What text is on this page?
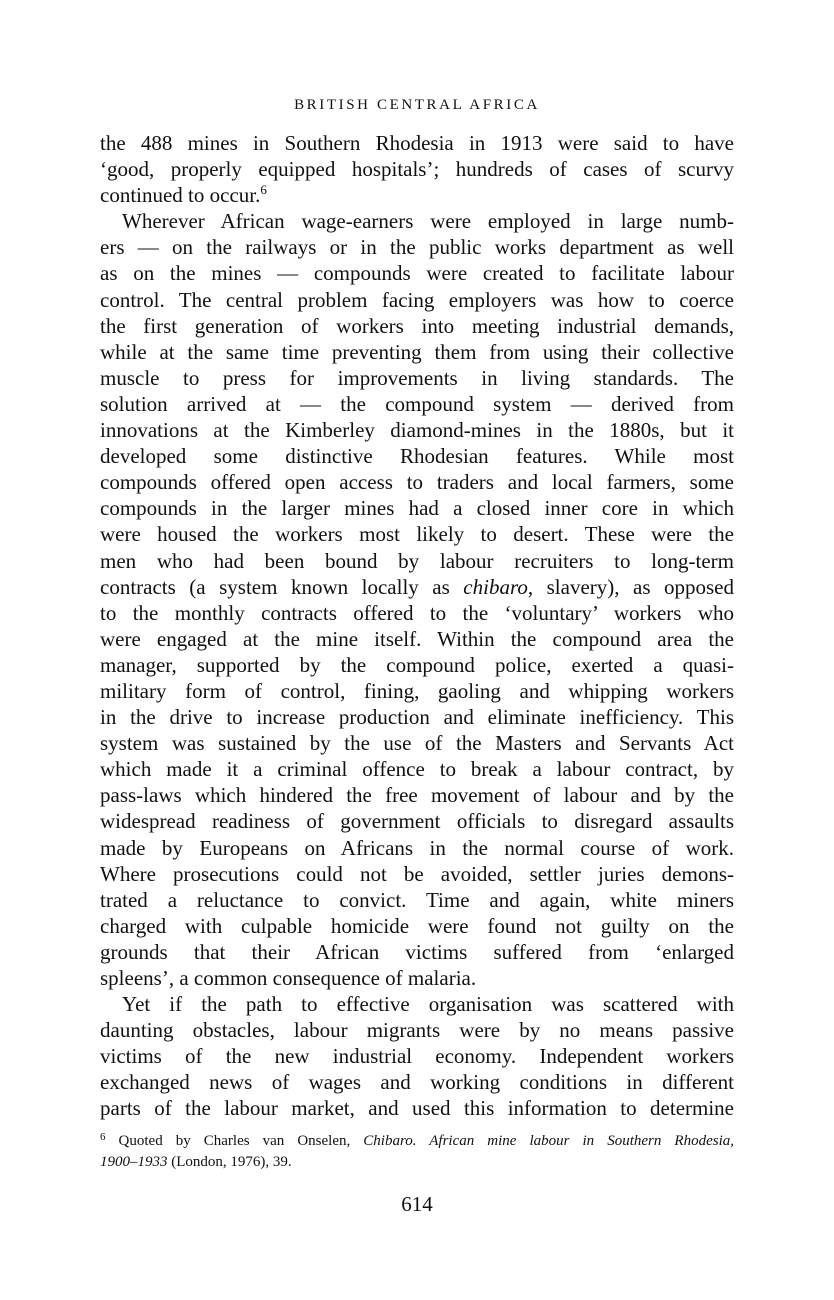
BRITISH CENTRAL AFRICA
the 488 mines in Southern Rhodesia in 1913 were said to have
‘good, properly equipped hospitals’; hundreds of cases of scurvy
continued to occur.$^6$
Wherever African wage-earners were employed in large numb-
ers — on the railways or in the public works department as well
as on the mines — compounds were created to facilitate labour
control. The central problem facing employers was how to coerce
the first generation of workers into meeting industrial demands,
while at the same time preventing them from using their collective
muscle to press for improvements in living standards. The
solution arrived at — the compound system — derived from
innovations at the Kimberley diamond-mines in the 1880s, but it
developed some distinctive Rhodesian features. While most
compounds offered open access to traders and local farmers, some
compounds in the larger mines had a closed inner core in which
were housed the workers most likely to desert. These were the
men who had been bound by labour recruiters to long-term
contracts (a system known locally as chibaro, slavery), as opposed
to the monthly contracts offered to the ‘voluntary’ workers who
were engaged at the mine itself. Within the compound area the
manager, supported by the compound police, exerted a quasi-
military form of control, fining, gaoling and whipping workers
in the drive to increase production and eliminate inefficiency. This
system was sustained by the use of the Masters and Servants Act
which made it a criminal offence to break a labour contract, by
pass-laws which hindered the free movement of labour and by the
widespread readiness of government officials to disregard assaults
made by Europeans on Africans in the normal course of work.
Where prosecutions could not be avoided, settler juries demons-
trated a reluctance to convict. Time and again, white miners
charged with culpable homicide were found not guilty on the
grounds that their African victims suffered from ‘enlarged
spleens’, a common consequence of malaria.
Yet if the path to effective organisation was scattered with
daunting obstacles, labour migrants were by no means passive
victims of the new industrial economy. Independent workers
exchanged news of wages and working conditions in different
parts of the labour market, and used this information to determine
$^6$ Quoted by Charles van Onselen, Chibaro. African mine labour in Southern Rhodesia,
1900–1933 (London, 1976), 39.
614
